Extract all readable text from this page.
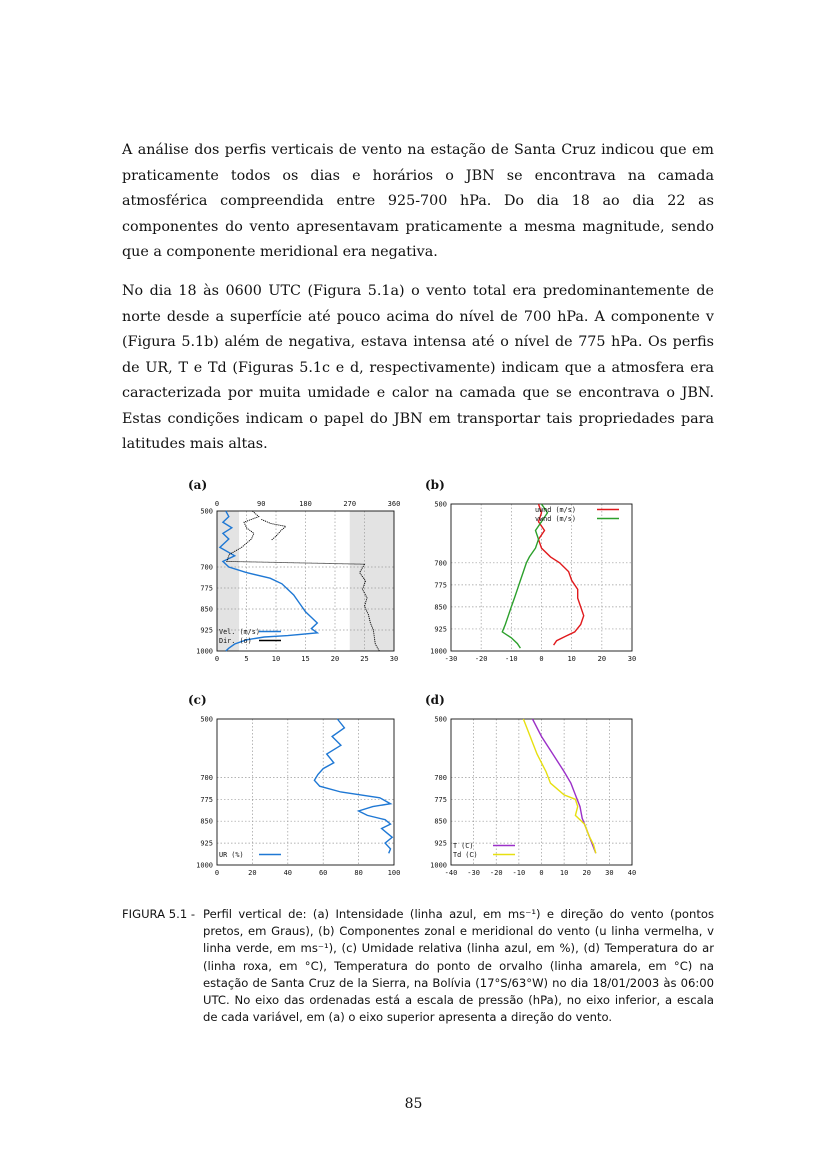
A análise dos perfis verticais de vento na estação de Santa Cruz indicou que em praticamente todos os dias e horários o JBN se encontrava na camada atmosférica compreendida entre 925-700 hPa. Do dia 18 ao dia 22 as componentes do vento apresentavam praticamente a mesma magnitude, sendo que a componente meridional era negativa.

No dia 18 às 0600 UTC (Figura 5.1a) o vento total era predominantemente de norte desde a superfície até pouco acima do nível de 700 hPa. A componente v (Figura 5.1b) além de negativa, estava intensa até o nível de 775 hPa. Os perfis de UR, T e Td (Figuras 5.1c e d, respectivamente) indicam que a atmosfera era caracterizada por muita umidade e calor na camada que se encontrava o JBN. Estas condições indicam o papel do JBN em transportar tais propriedades para latitudes mais altas.

(a)
0	5	10	15	20	25	30
500
700
775
850
925
1000
0	90	180	270	360
Vel. (m/s)
Dir. (o)
(b)
-30	-20	-10	0	10	20	30
500
700
775
850
925
1000
uwnd (m/s)
vwnd (m/s)
(c)
0	20	40	60	80	100
500
700
775
850
925
1000
UR (%)
(d)
-40 -30 -20 -10 0 10 20 30 40
500
700
775
850
925
1000
T (C)
Td (C)
FIGURA 5.1 - Perfil vertical de: (a) Intensidade (linha azul, em ms⁻¹) e direção do vento (pontos pretos, em Graus), (b) Componentes zonal e meridional do vento (u linha vermelha, v linha verde, em ms⁻¹), (c) Umidade relativa (linha azul, em %), (d) Temperatura do ar (linha roxa, em °C), Temperatura do ponto de orvalho (linha amarela, em °C) na estação de Santa Cruz de la Sierra, na Bolívia (17°S/63°W) no dia 18/01/2003 às 06:00 UTC. No eixo das ordenadas está a escala de pressão (hPa), no eixo inferior, a escala de cada variável, em (a) o eixo superior apresenta a direção do vento.
85
